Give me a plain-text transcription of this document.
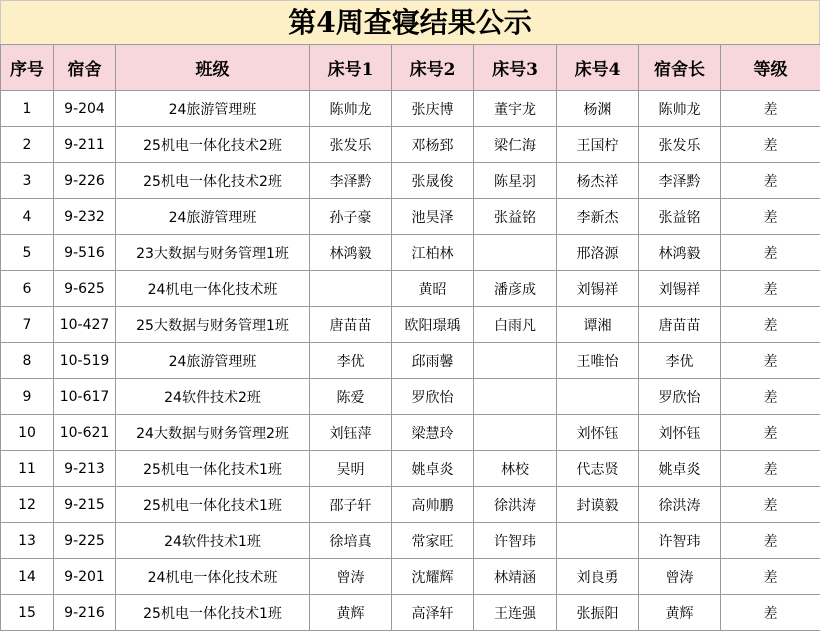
第4周查寝结果公示
序号	宿舍	班级	床号1	床号2	床号3	床号4	宿舍长	等级
1	9-204	24旅游管理班	陈帅龙	张庆博	董宇龙	杨渊	陈帅龙	差
2	9-211	25机电一体化技术2班	张发乐	邓杨郅	梁仁海	王国柠	张发乐	差
3	9-226	25机电一体化技术2班	李泽黔	张晟俊	陈星羽	杨杰祥	李泽黔	差
4	9-232	24旅游管理班	孙子豪	池昊泽	张益铭	李新杰	张益铭	差
5	9-516	23大数据与财务管理1班	林鸿毅	江柏林		邢洛源	林鸿毅	差
6	9-625	24机电一体化技术班		黄昭	潘彦成	刘锡祥	刘锡祥	差
7	10-427	25大数据与财务管理1班	唐苗苗	欧阳璟瑀	白雨凡	谭湘	唐苗苗	差
8	10-519	24旅游管理班	李优	邱雨馨		王唯怡	李优	差
9	10-617	24软件技术2班	陈爱	罗欣怡			罗欣怡	差
10	10-621	24大数据与财务管理2班	刘钰萍	梁慧玲		刘怀钰	刘怀钰	差
11	9-213	25机电一体化技术1班	吴明	姚卓炎	林校	代志贤	姚卓炎	差
12	9-215	25机电一体化技术1班	邵子轩	高帅鹏	徐洪涛	封谟毅	徐洪涛	差
13	9-225	24软件技术1班	徐培真	常家旺	许智玮		许智玮	差
14	9-201	24机电一体化技术班	曾涛	沈耀辉	林靖涵	刘良勇	曾涛	差
15	9-216	25机电一体化技术1班	黄辉	高泽轩	王连强	张振阳	黄辉	差
